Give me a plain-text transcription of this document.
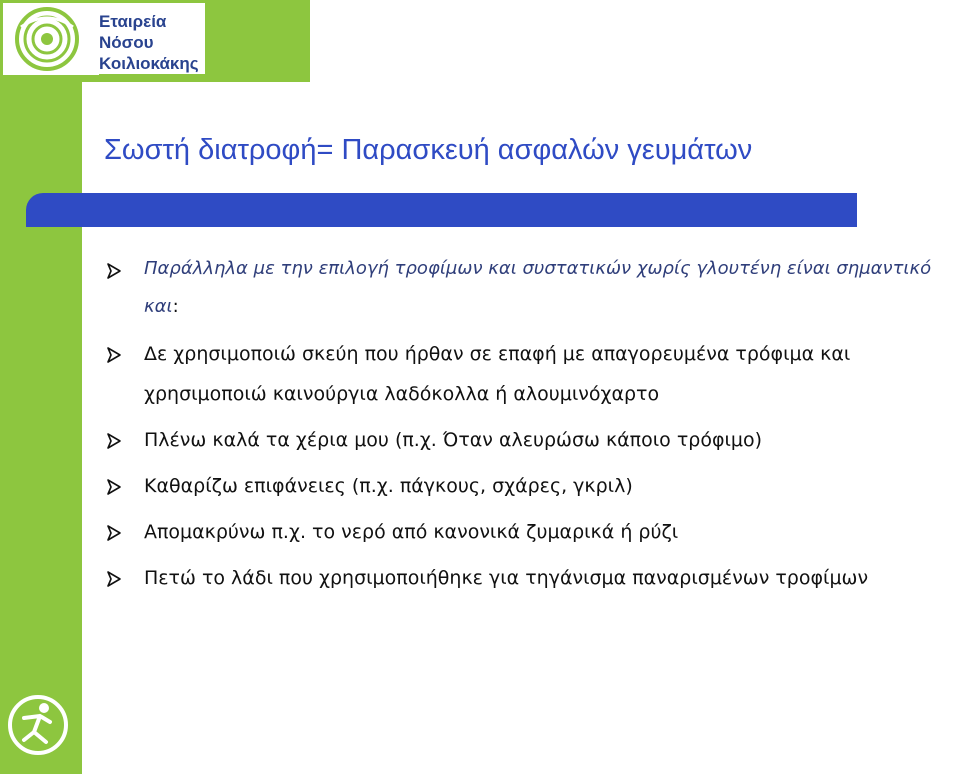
Εταιρεία
Νόσου
Κοιλιοκάκης
Σωστή διατροφή= Παρασκευή ασφαλών γευμάτων
Παράλληλα με την επιλογή τροφίμων και συστατικών χωρίς γλουτένη είναι σημαντικό και:
Δε χρησιμοποιώ σκεύη που ήρθαν σε επαφή με απαγορευμένα τρόφιμα και χρησιμοποιώ καινούργια λαδόκολλα ή αλουμινόχαρτο
Πλένω καλά τα χέρια μου (π.χ. Όταν αλευρώσω κάποιο τρόφιμο)
Καθαρίζω επιφάνειες (π.χ. πάγκους, σχάρες, γκριλ)
Απομακρύνω π.χ. το νερό από κανονικά ζυμαρικά ή ρύζι
Πετώ το λάδι που χρησιμοποιήθηκε για τηγάνισμα παναρισμένων τροφίμων
